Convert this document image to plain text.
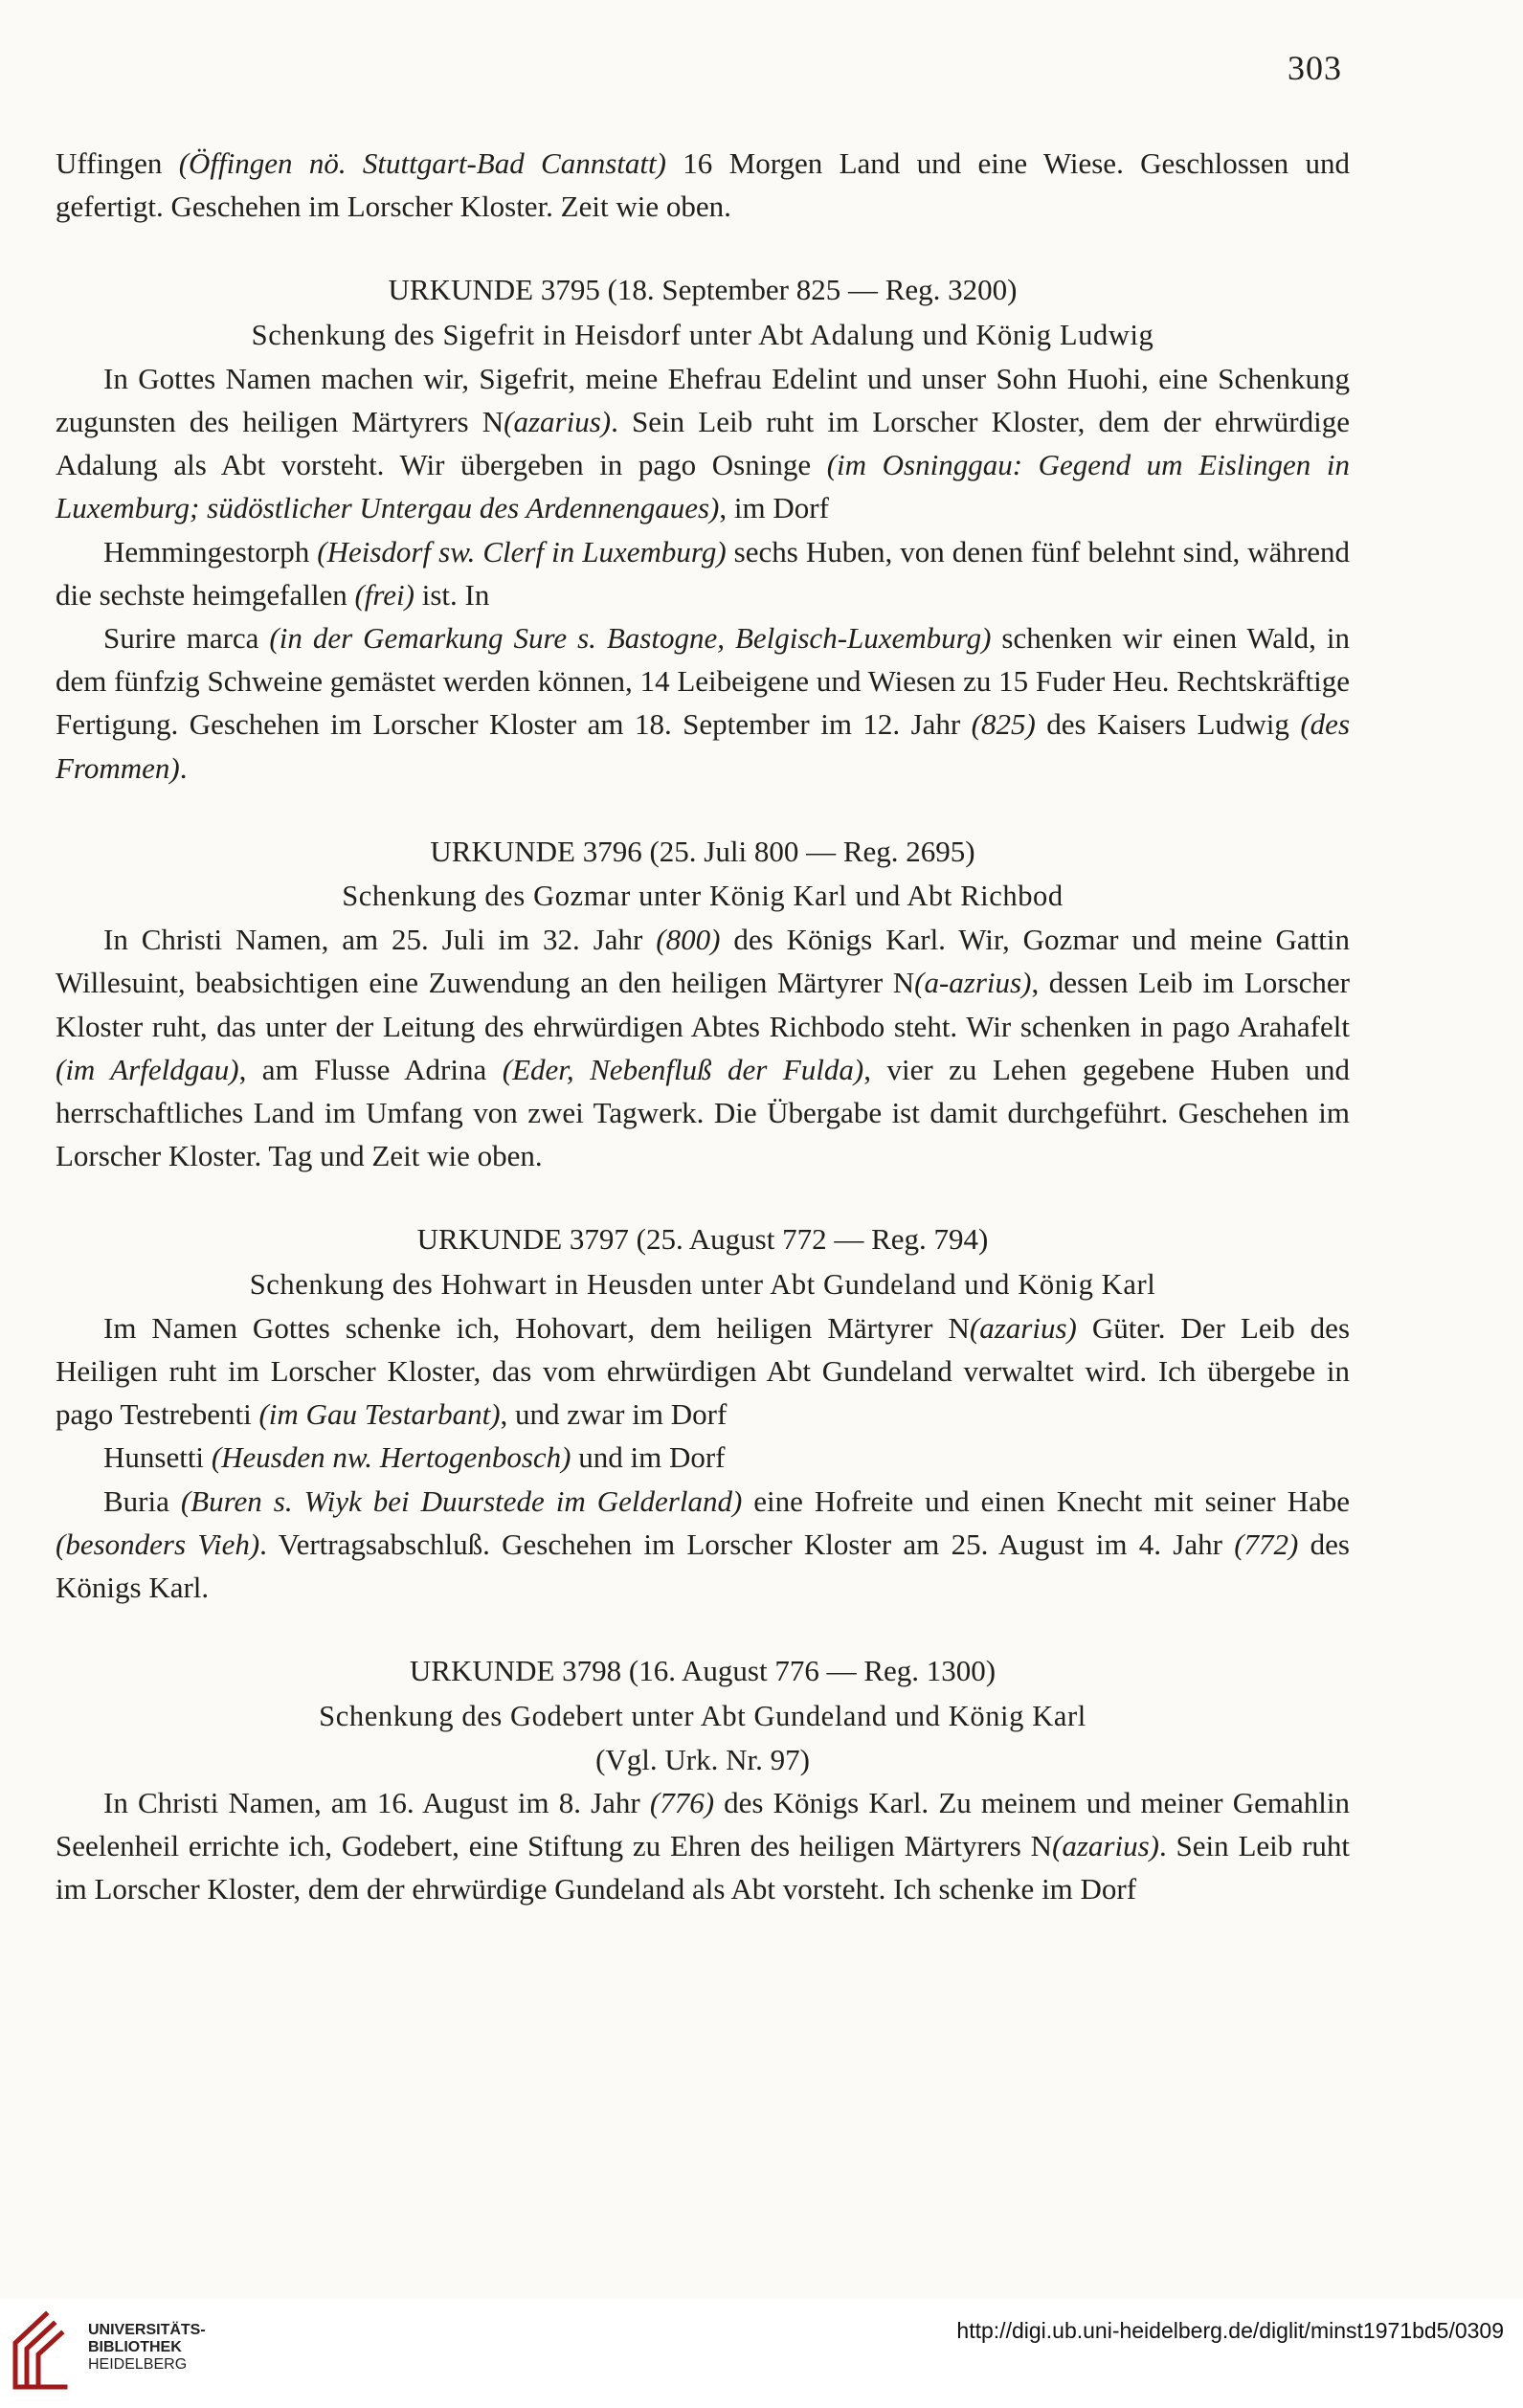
303

Uffingen (Öffingen nö. Stuttgart-Bad Cannstatt) 16 Morgen Land und eine Wiese. Geschlossen und gefertigt. Geschehen im Lorscher Kloster. Zeit wie oben.

URKUNDE 3795 (18. September 825 — Reg. 3200)
Schenkung des Sigefrit in Heisdorf unter Abt Adalung und König Ludwig

In Gottes Namen machen wir, Sigefrit, meine Ehefrau Edelint und unser Sohn Huohi, eine Schenkung zugunsten des heiligen Märtyrers N(azarius). Sein Leib ruht im Lorscher Kloster, dem der ehrwürdige Adalung als Abt vorsteht. Wir übergeben in pago Osninge (im Osninggau: Gegend um Eislingen in Luxemburg; südöstlicher Untergau des Ardennengaues), im Dorf

Hemmingestorph (Heisdorf sw. Clerf in Luxemburg) sechs Huben, von denen fünf belehnt sind, während die sechste heimgefallen (frei) ist. In

Surire marca (in der Gemarkung Sure s. Bastogne, Belgisch-Luxemburg) schenken wir einen Wald, in dem fünfzig Schweine gemästet werden können, 14 Leibeigene und Wiesen zu 15 Fuder Heu. Rechtskräftige Fertigung. Geschehen im Lorscher Kloster am 18. September im 12. Jahr (825) des Kaisers Ludwig (des Frommen).

URKUNDE 3796 (25. Juli 800 — Reg. 2695)
Schenkung des Gozmar unter König Karl und Abt Richbod

In Christi Namen, am 25. Juli im 32. Jahr (800) des Königs Karl. Wir, Gozmar und meine Gattin Willesuint, beabsichtigen eine Zuwendung an den heiligen Märtyrer N(a-azrius), dessen Leib im Lorscher Kloster ruht, das unter der Leitung des ehrwürdigen Abtes Richbodo steht. Wir schenken in pago Arahafelt (im Arfeldgau), am Flusse Adrina (Eder, Nebenfluß der Fulda), vier zu Lehen gegebene Huben und herrschaftliches Land im Umfang von zwei Tagwerk. Die Übergabe ist damit durchgeführt. Geschehen im Lorscher Kloster. Tag und Zeit wie oben.

URKUNDE 3797 (25. August 772 — Reg. 794)
Schenkung des Hohwart in Heusden unter Abt Gundeland und König Karl

Im Namen Gottes schenke ich, Hohovart, dem heiligen Märtyrer N(azarius) Güter. Der Leib des Heiligen ruht im Lorscher Kloster, das vom ehrwürdigen Abt Gundeland verwaltet wird. Ich übergebe in pago Testrebenti (im Gau Testarbant), und zwar im Dorf

Hunsetti (Heusden nw. Hertogenbosch) und im Dorf

Buria (Buren s. Wiyk bei Duurstede im Gelderland) eine Hofreite und einen Knecht mit seiner Habe (besonders Vieh). Vertragsabschluß. Geschehen im Lorscher Kloster am 25. August im 4. Jahr (772) des Königs Karl.

URKUNDE 3798 (16. August 776 — Reg. 1300)
Schenkung des Godebert unter Abt Gundeland und König Karl
(Vgl. Urk. Nr. 97)

In Christi Namen, am 16. August im 8. Jahr (776) des Königs Karl. Zu meinem und meiner Gemahlin Seelenheil errichte ich, Godebert, eine Stiftung zu Ehren des heiligen Märtyrers N(azarius). Sein Leib ruht im Lorscher Kloster, dem der ehrwürdige Gundeland als Abt vorsteht. Ich schenke im Dorf

UNIVERSITÄTS-
BIBLIOTHEK
HEIDELBERG
http://digi.ub.uni-heidelberg.de/diglit/minst1971bd5/0309
